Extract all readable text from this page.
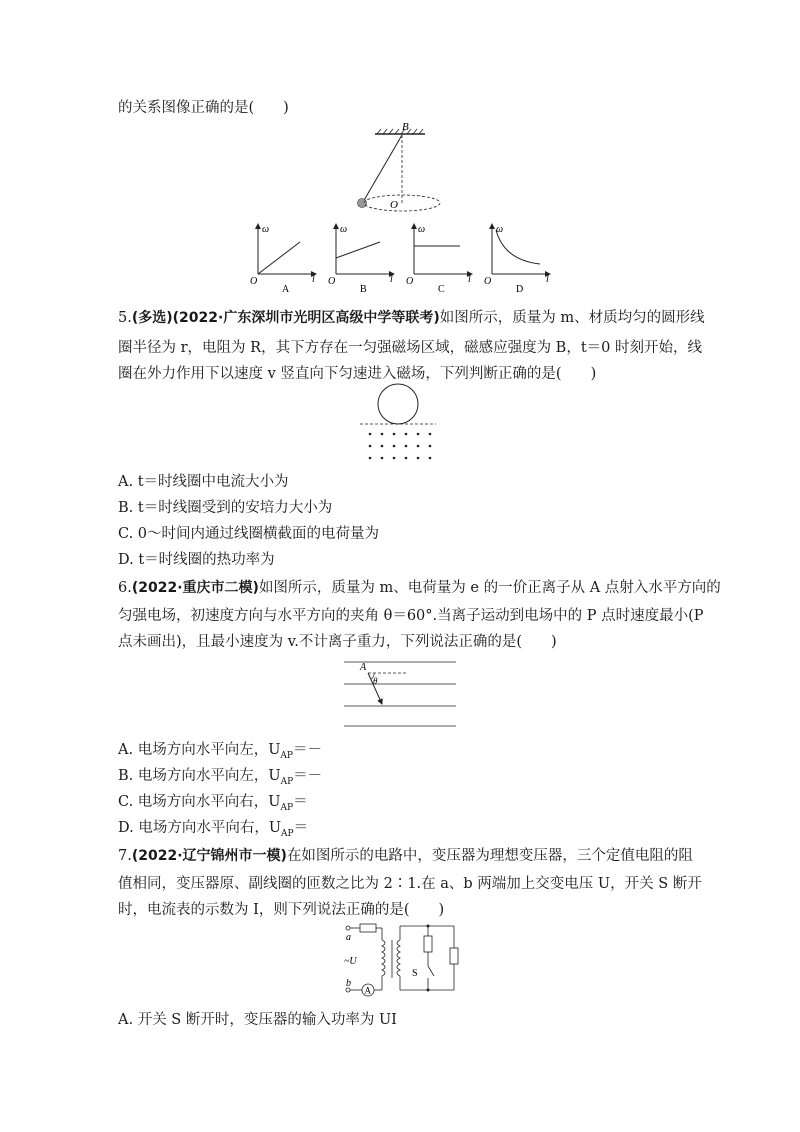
的关系图像正确的是(　　)
B
O
ω
l
O
A
ω
l
O
B
ω
l
O
C
ω
l
O
D
5.(多选)(2022·广东深圳市光明区高级中学等联考)如图所示，质量为 m、材质均匀的圆形线
圈半径为 r，电阻为 R，其下方存在一匀强磁场区域，磁感应强度为 B，t＝0 时刻开始，线
圈在外力作用下以速度 v 竖直向下匀速进入磁场，下列判断正确的是(　　)
A. t＝时线圈中电流大小为
B. t＝时线圈受到的安培力大小为
C. 0～时间内通过线圈横截面的电荷量为
D. t＝时线圈的热功率为
6.(2022·重庆市二模)如图所示，质量为 m、电荷量为 e 的一价正离子从 A 点射入水平方向的
匀强电场，初速度方向与水平方向的夹角 θ＝60°.当离子运动到电场中的 P 点时速度最小(P
点未画出)，且最小速度为 v.不计离子重力，下列说法正确的是(　　)
A
θ
A. 电场方向水平向左，$U_{AP}=-$
B. 电场方向水平向左，$U_{AP}=-$
C. 电场方向水平向右，$U_{AP}=$
D. 电场方向水平向右，$U_{AP}=$
7.(2022·辽宁锦州市一模)在如图所示的电路中，变压器为理想变压器，三个定值电阻的阻
值相同，变压器原、副线圈的匝数之比为 2∶1.在 a、b 两端加上交变电压 U，开关 S 断开
时，电流表的示数为 I，则下列说法正确的是(　　)
a
b
~U
A
S
A. 开关 S 断开时，变压器的输入功率为 UI
